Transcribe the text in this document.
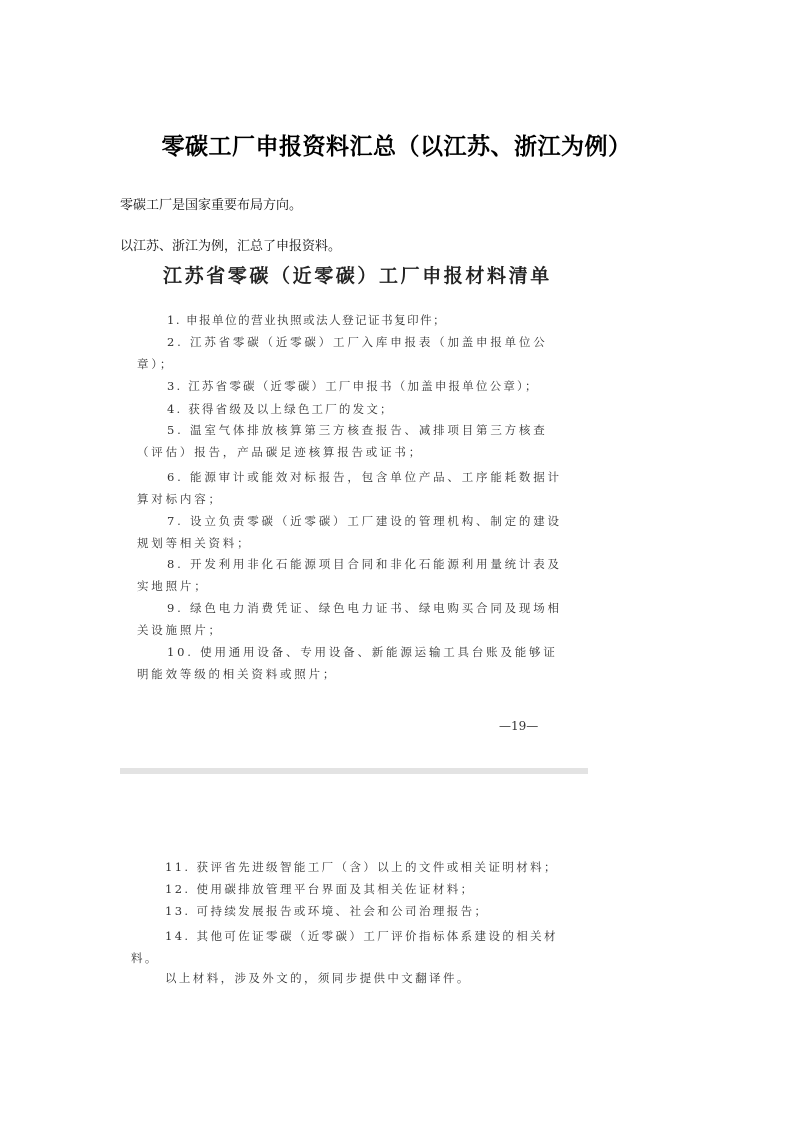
零碳工厂申报资料汇总（以江苏、浙江为例）

零碳工厂是国家重要布局方向。

以江苏、浙江为例，汇总了申报资料。

江苏省零碳（近零碳）工厂申报材料清单

1. 申报单位的营业执照或法人登记证书复印件；

2. 江苏省零碳（近零碳）工厂入库申报表（加盖申报单位公章）；

3. 江苏省零碳（近零碳）工厂申报书（加盖申报单位公章）；

4. 获得省级及以上绿色工厂的发文；

5. 温室气体排放核算第三方核查报告、减排项目第三方核查（评估）报告，产品碳足迹核算报告或证书；

6. 能源审计或能效对标报告，包含单位产品、工序能耗数据计算对标内容；

7. 设立负责零碳（近零碳）工厂建设的管理机构、制定的建设规划等相关资料；

8. 开发利用非化石能源项目合同和非化石能源利用量统计表及实地照片；

9. 绿色电力消费凭证、绿色电力证书、绿电购买合同及现场相关设施照片；

10. 使用通用设备、专用设备、新能源运输工具台账及能够证明能效等级的相关资料或照片；

—19—

11. 获评省先进级智能工厂（含）以上的文件或相关证明材料；

12. 使用碳排放管理平台界面及其相关佐证材料；

13. 可持续发展报告或环境、社会和公司治理报告；

14. 其他可佐证零碳（近零碳）工厂评价指标体系建设的相关材料。

以上材料，涉及外文的，须同步提供中文翻译件。
